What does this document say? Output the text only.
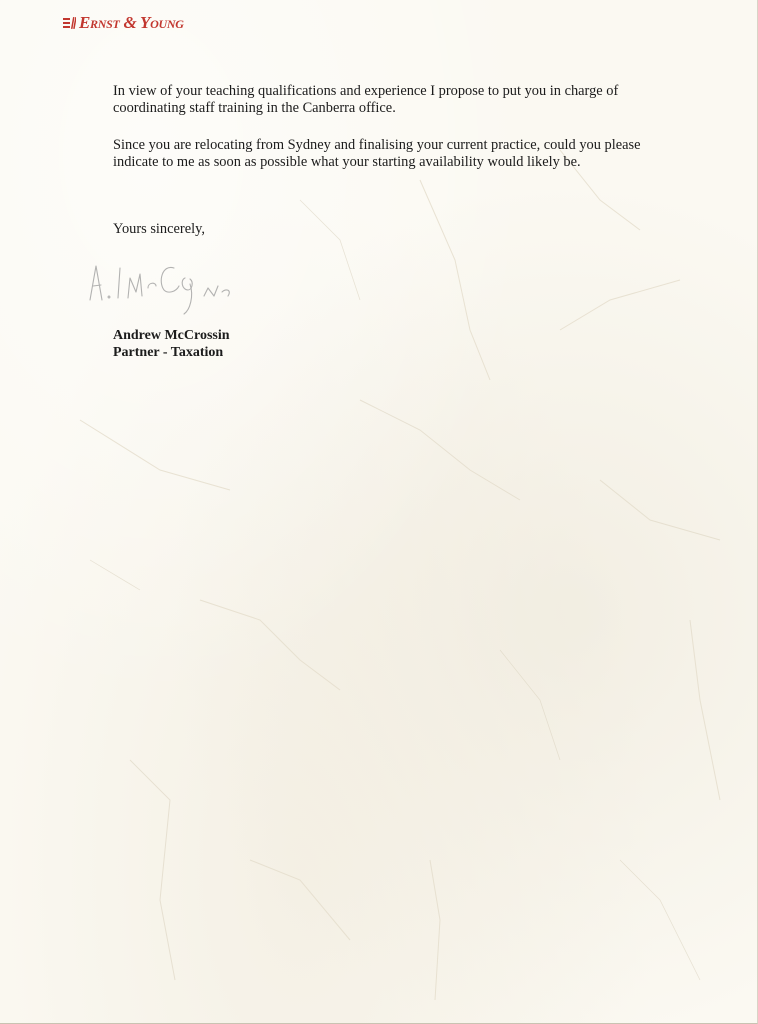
Ernst & Young

In view of your teaching qualifications and experience I propose to put you in charge of coordinating staff training in the Canberra office.

Since you are relocating from Sydney and finalising your current practice, could you please indicate to me as soon as possible what your starting availability would likely be.

Yours sincerely,

Andrew McCrossin

Partner - Taxation
